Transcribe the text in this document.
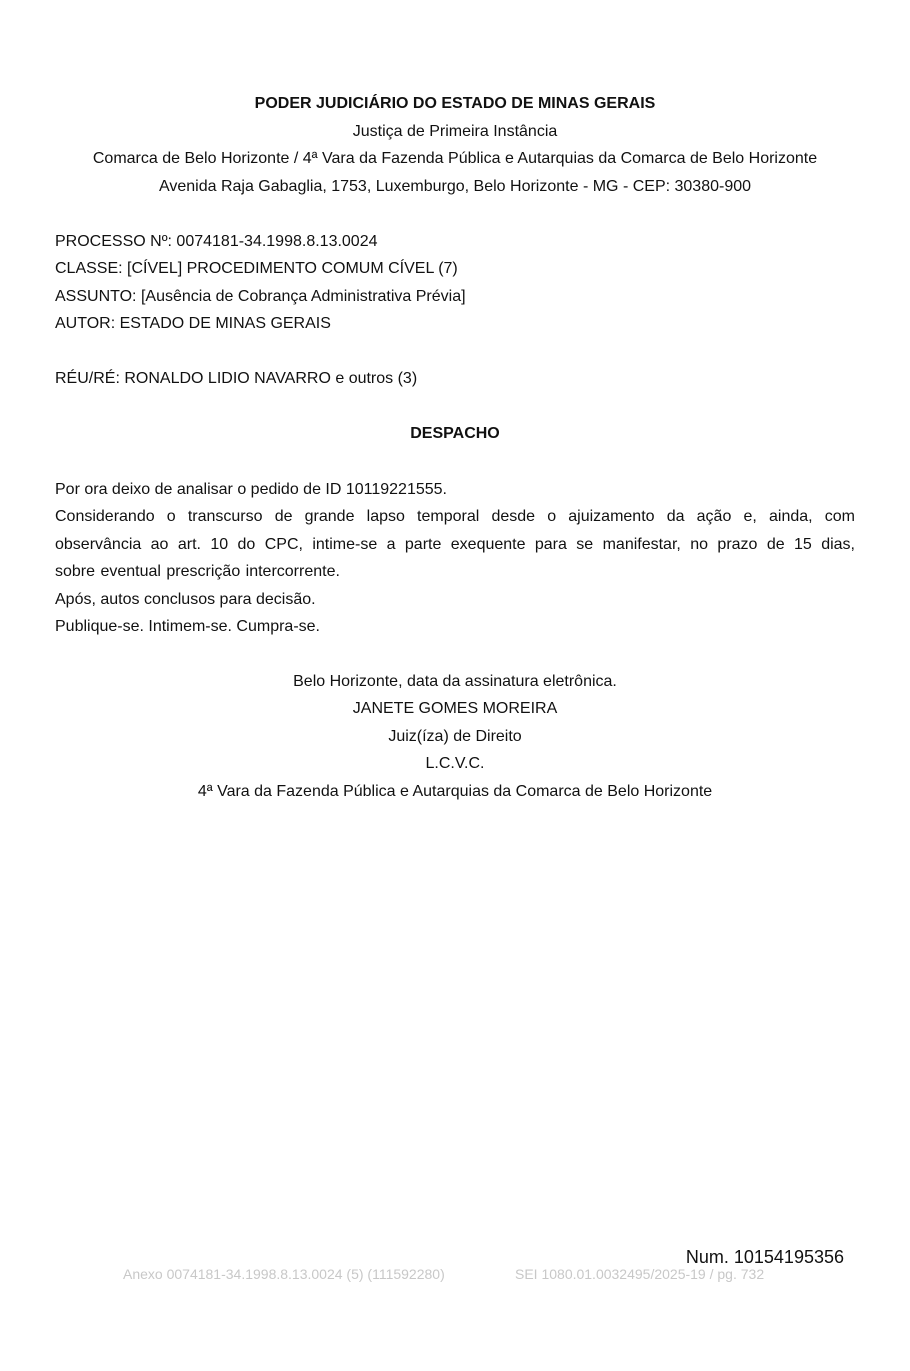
PODER JUDICIÁRIO DO ESTADO DE MINAS GERAIS
Justiça de Primeira Instância
Comarca de Belo Horizonte / 4ª Vara da Fazenda Pública e Autarquias da Comarca de Belo Horizonte
Avenida Raja Gabaglia, 1753, Luxemburgo, Belo Horizonte - MG - CEP: 30380-900
PROCESSO Nº: 0074181-34.1998.8.13.0024
CLASSE: [CÍVEL] PROCEDIMENTO COMUM CÍVEL (7)
ASSUNTO: [Ausência de Cobrança Administrativa Prévia]
AUTOR: ESTADO DE MINAS GERAIS
RÉU/RÉ: RONALDO LIDIO NAVARRO e outros (3)
DESPACHO
Por ora deixo de analisar o pedido de ID 10119221555.
Considerando o transcurso de grande lapso temporal desde o ajuizamento da ação e, ainda, com
observância ao art. 10 do CPC, intime-se a parte exequente para se manifestar, no prazo de 15 dias,
sobre eventual prescrição intercorrente.
Após, autos conclusos para decisão.
Publique-se. Intimem-se. Cumpra-se.
Belo Horizonte, data da assinatura eletrônica.
JANETE GOMES MOREIRA
Juiz(íza) de Direito
L.C.V.C.
4ª Vara da Fazenda Pública e Autarquias da Comarca de Belo Horizonte
Num. 10154195356
Anexo 0074181-34.1998.8.13.0024 (5) (111592280)	SEI 1080.01.0032495/2025-19 / pg. 732
